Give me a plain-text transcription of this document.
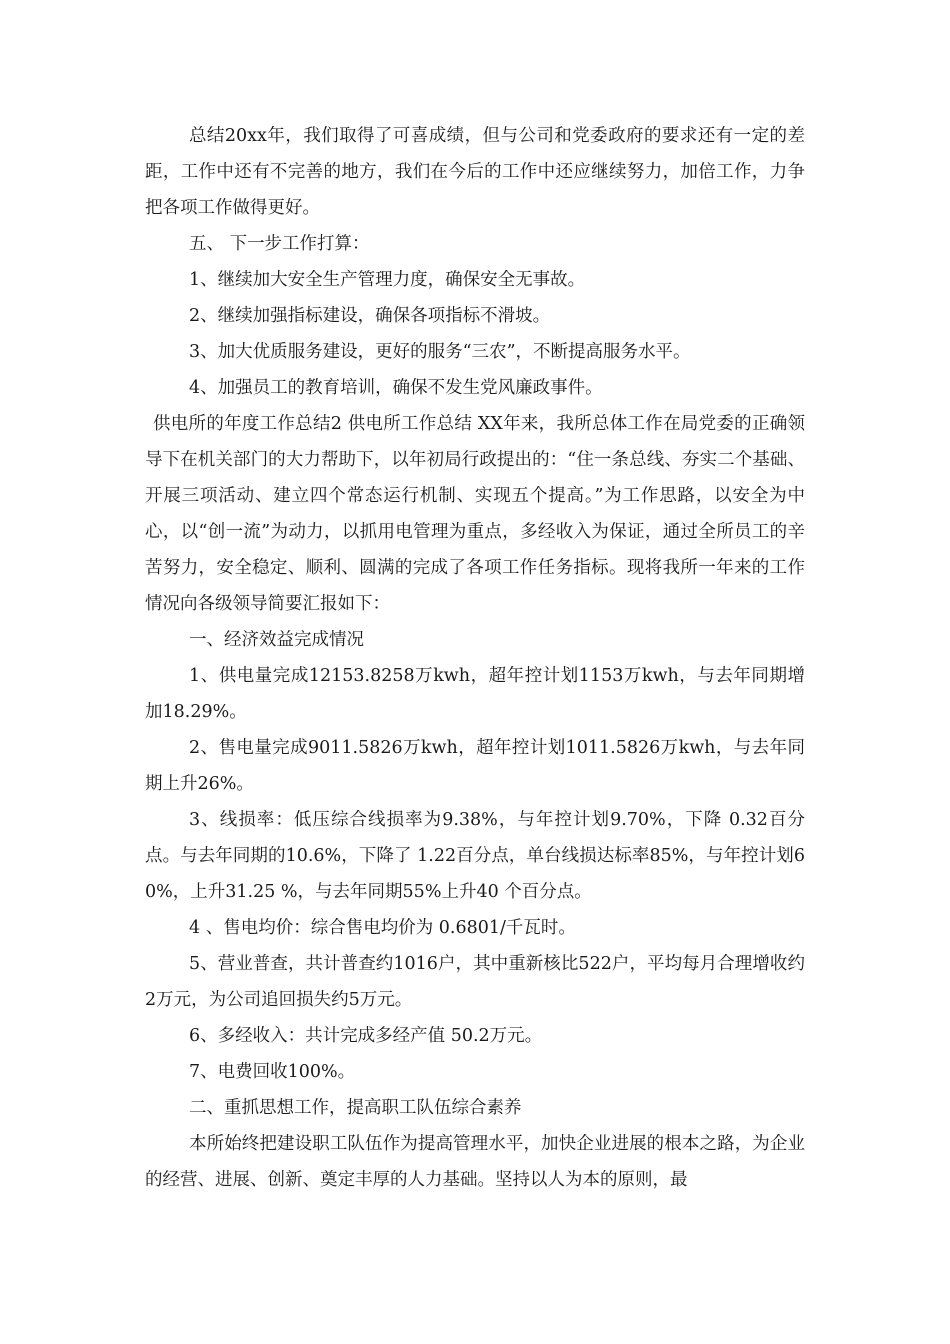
总结20xx年，我们取得了可喜成绩，但与公司和党委政府的要求还有一定的差距，工作中还有不完善的地方，我们在今后的工作中还应继续努力，加倍工作，力争把各项工作做得更好。

五、 下一步工作打算：

1、继续加大安全生产管理力度，确保安全无事故。

2、继续加强指标建设，确保各项指标不滑坡。

3、加大优质服务建设，更好的服务“三农”，不断提高服务水平。

4、加强员工的教育培训，确保不发生党风廉政事件。

供电所的年度工作总结2 供电所工作总结 XX年来，我所总体工作在局党委的正确领导下在机关部门的大力帮助下，以年初局行政提出的：“住一条总线、夯实二个基础、开展三项活动、建立四个常态运行机制、实现五个提高。”为工作思路，以安全为中心，以“创一流”为动力，以抓用电管理为重点，多经收入为保证，通过全所员工的辛苦努力，安全稳定、顺利、圆满的完成了各项工作任务指标。现将我所一年来的工作情况向各级领导简要汇报如下：

一、经济效益完成情况

1、供电量完成12153.8258万kwh，超年控计划1153万kwh，与去年同期增加18.29%。

2、售电量完成9011.5826万kwh，超年控计划1011.5826万kwh，与去年同期上升26%。

3、线损率：低压综合线损率为9.38%，与年控计划9.70%，下降 0.32百分点。与去年同期的10.6%，下降了 1.22百分点，单台线损达标率85%，与年控计划60%，上升31.25 %，与去年同期55%上升40 个百分点。

4 、售电均价：综合售电均价为 0.6801/千瓦时。

5、营业普查，共计普查约1016户，其中重新核比522户，平均每月合理增收约2万元，为公司追回损失约5万元。

6、多经收入：共计完成多经产值 50.2万元。

7、电费回收100%。

二、重抓思想工作，提高职工队伍综合素养

本所始终把建设职工队伍作为提高管理水平，加快企业进展的根本之路，为企业的经营、进展、创新、奠定丰厚的人力基础。坚持以人为本的原则，最
